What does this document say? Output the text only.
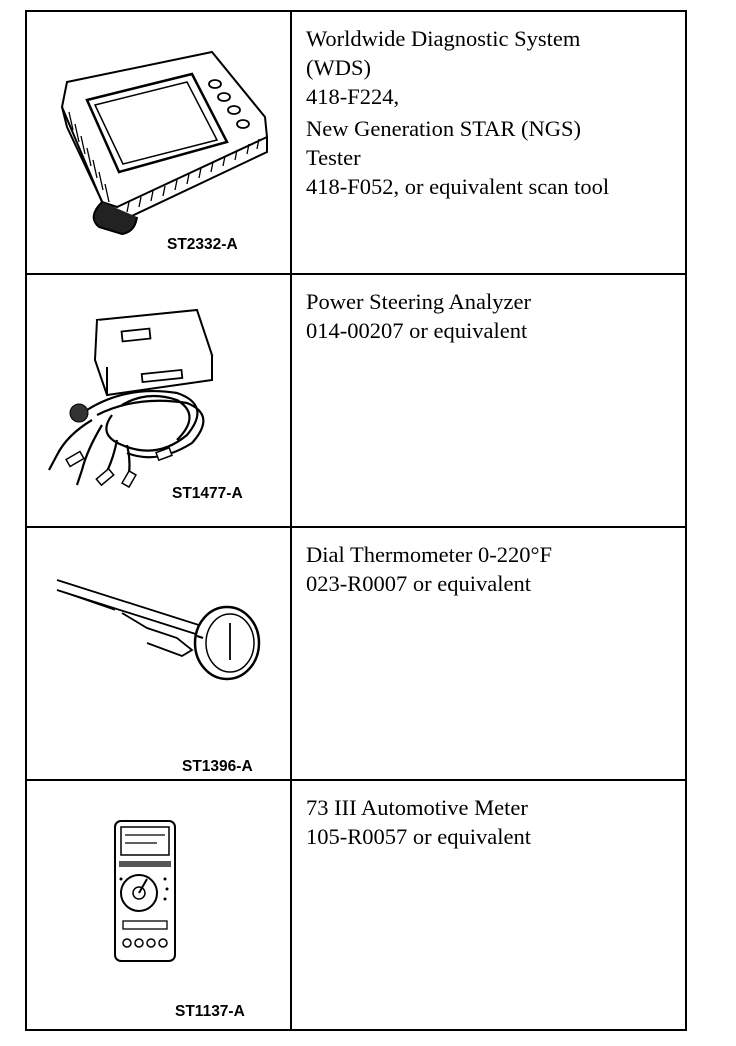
ST2332-A
Worldwide Diagnostic System
(WDS)
418-F224,
New Generation STAR (NGS)
Tester
418-F052, or equivalent scan tool
ST1477-A
Power Steering Analyzer
014-00207 or equivalent
ST1396-A
Dial Thermometer 0-220°F
023-R0007 or equivalent
ST1137-A
73 III Automotive Meter
105-R0057 or equivalent
